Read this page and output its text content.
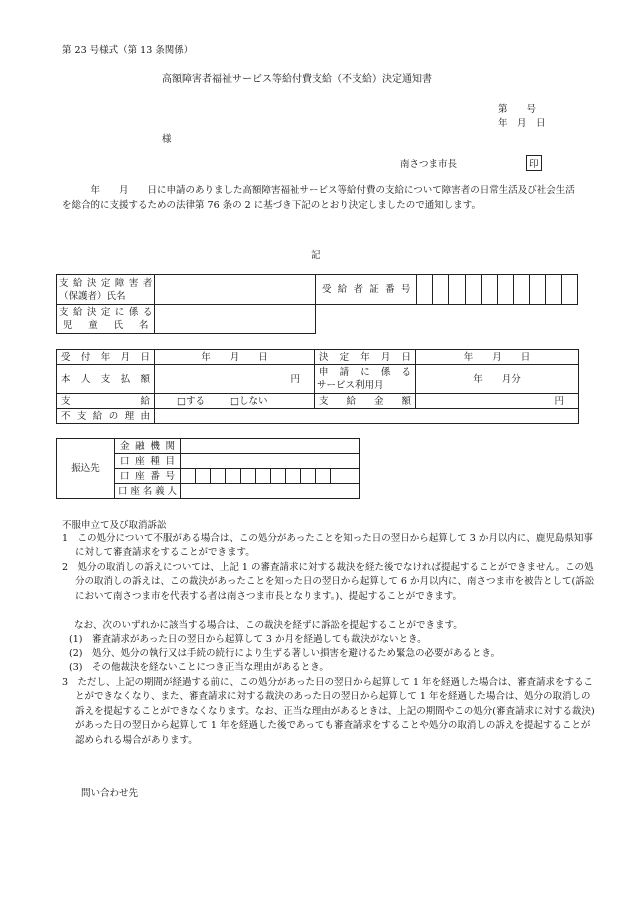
第 23 号様式（第 13 条関係）
高額障害者福祉サービス等給付費支給（不支給）決定通知書
第　　号
年　月　日
様
南さつま市長	印
　　　年　　月　　日に申請のありました高額障害福祉サービス等給付費の支給について障害者の日常生活及び社会生活を総合的に支援するための法律第 76 条の 2 に基づき下記のとおり決定しましたので通知します。
記
支給決定障害者
（保護者）氏名		受給者証番号										

支給決定に係る
児童氏名												

受付年月日	年　　月　　日	決定年月日	年　　月　　日
本人支払額	円	申請に係る
サービス利用月	年　　月分
支給	□する □しない	支給金額	円
不支給の理由			
振込先	金融機関											
	口座種目											
	口座番号											
	口座名義人											
不服申立て及び取消訴訟
1　この処分について不服がある場合は、この処分があったことを知った日の翌日から起算して 3 か月以内に、鹿児島県知事に対して審査請求をすることができます。
2　処分の取消しの訴えについては、上記 1 の審査請求に対する裁決を経た後でなければ提起することができません。この処分の取消しの訴えは、この裁決があったことを知った日の翌日から起算して 6 か月以内に、南さつま市を被告として(訴訟において南さつま市を代表する者は南さつま市長となります。)、提起することができます。
なお、次のいずれかに該当する場合は、この裁決を経ずに訴訟を提起することができます。
(1)　審査請求があった日の翌日から起算して 3 か月を経過しても裁決がないとき。
(2)　処分、処分の執行又は手続の続行により生ずる著しい損害を避けるため緊急の必要があるとき。
(3)　その他裁決を経ないことにつき正当な理由があるとき。
3　ただし、上記の期間が経過する前に、この処分があった日の翌日から起算して 1 年を経過した場合は、審査請求をすることができなくなり、また、審査請求に対する裁決のあった日の翌日から起算して 1 年を経過した場合は、処分の取消しの訴えを提起することができなくなります。なお、正当な理由があるときは、上記の期間やこの処分(審査請求に対する裁決)があった日の翌日から起算して 1 年を経過した後であっても審査請求をすることや処分の取消しの訴えを提起することが認められる場合があります。
問い合わせ先
